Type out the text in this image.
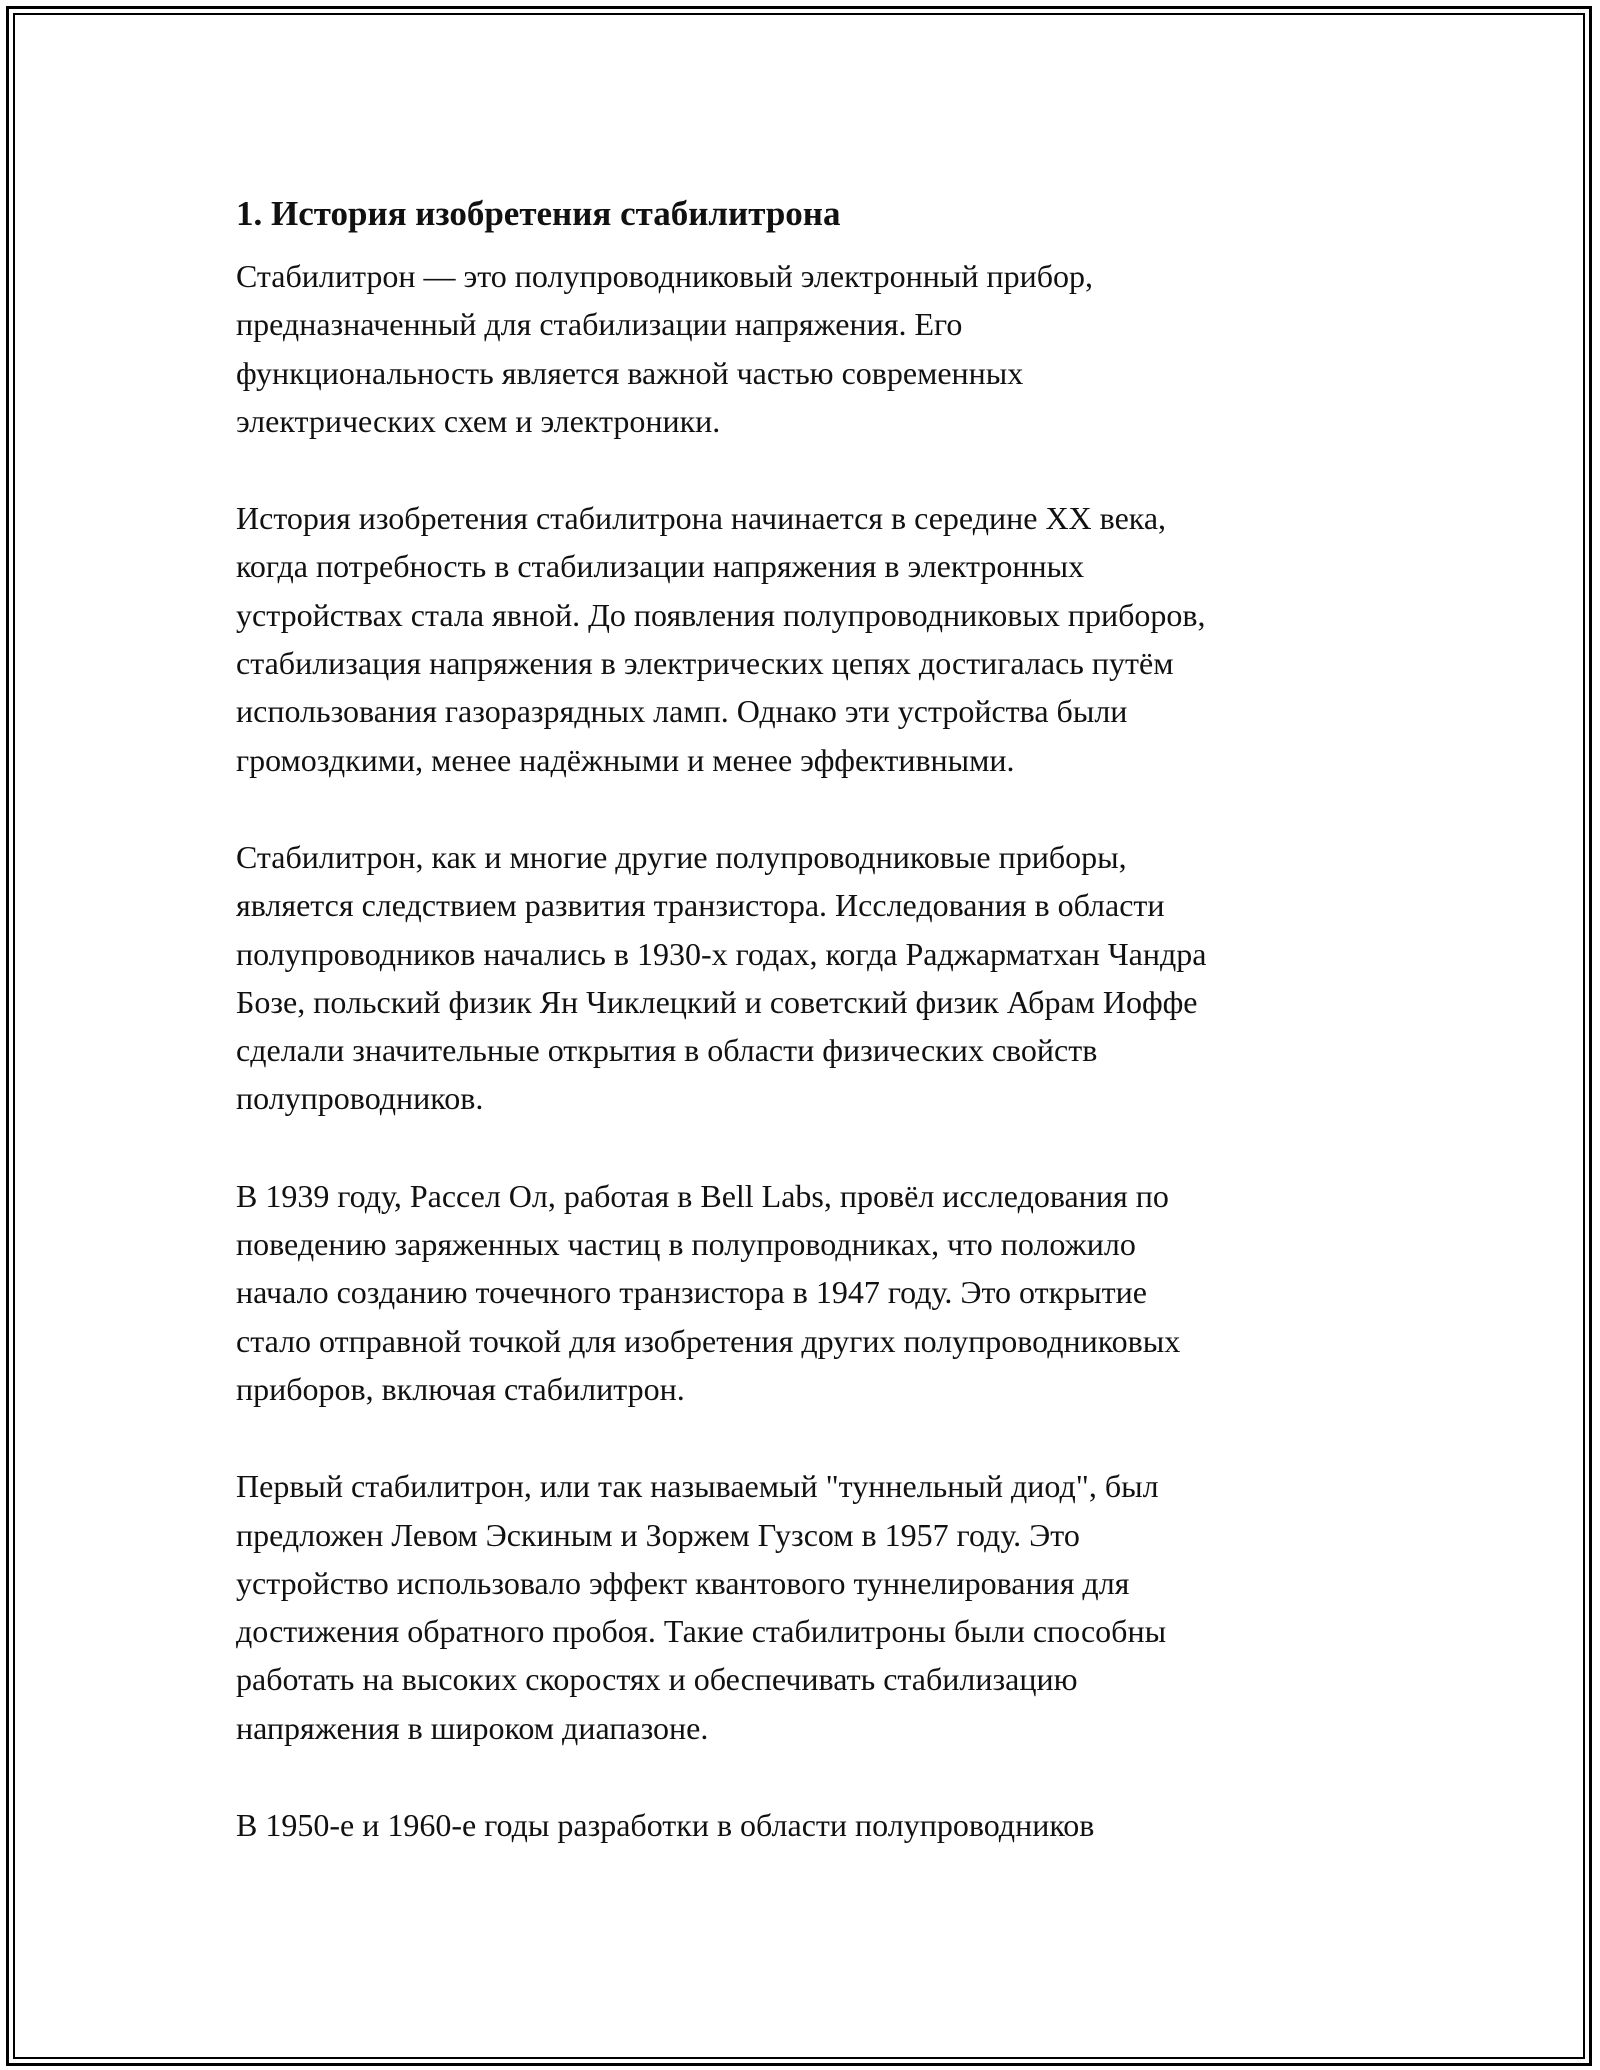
1. История изобретения стабилитрона
Стабилитрон — это полупроводниковый электронный прибор,
предназначенный для стабилизации напряжения. Его
функциональность является важной частью современных
электрических схем и электроники.
История изобретения стабилитрона начинается в середине XX века,
когда потребность в стабилизации напряжения в электронных
устройствах стала явной. До появления полупроводниковых приборов,
стабилизация напряжения в электрических цепях достигалась путём
использования газоразрядных ламп. Однако эти устройства были
громоздкими, менее надёжными и менее эффективными.
Стабилитрон, как и многие другие полупроводниковые приборы,
является следствием развития транзистора. Исследования в области
полупроводников начались в 1930-х годах, когда Раджарматхан Чандра
Бозе, польский физик Ян Чиклецкий и советский физик Абрам Иоффе
сделали значительные открытия в области физических свойств
полупроводников.
В 1939 году, Рассел Ол, работая в Bell Labs, провёл исследования по
поведению заряженных частиц в полупроводниках, что положило
начало созданию точечного транзистора в 1947 году. Это открытие
стало отправной точкой для изобретения других полупроводниковых
приборов, включая стабилитрон.
Первый стабилитрон, или так называемый "туннельный диод", был
предложен Левом Эскиным и Зоржем Гузсом в 1957 году. Это
устройство использовало эффект квантового туннелирования для
достижения обратного пробоя. Такие стабилитроны были способны
работать на высоких скоростях и обеспечивать стабилизацию
напряжения в широком диапазоне.
В 1950-е и 1960-е годы разработки в области полупроводников
